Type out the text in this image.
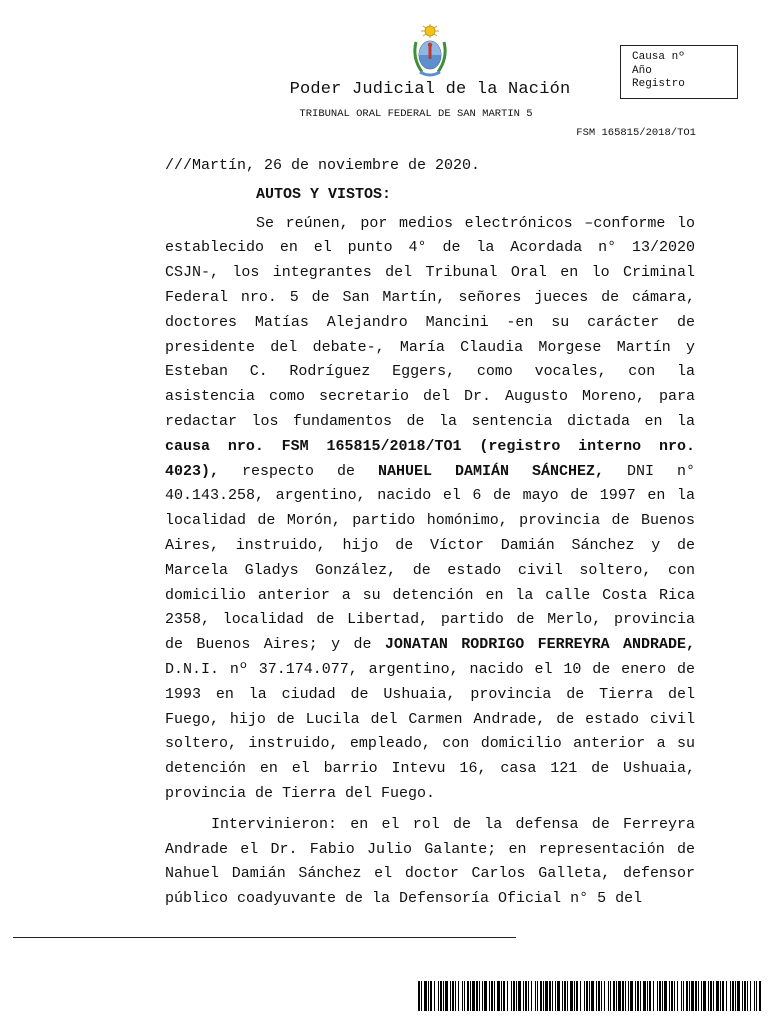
Poder Judicial de la Nación
TRIBUNAL ORAL FEDERAL DE SAN MARTIN 5
FSM 165815/2018/TO1
Causa nº
Año
Registro
///Martín, 26 de noviembre de 2020.
AUTOS Y VISTOS:

Se reúnen, por medios electrónicos –conforme lo establecido en el punto 4° de la Acordada n° 13/2020 CSJN-, los integrantes del Tribunal Oral en lo Criminal Federal nro. 5 de San Martín, señores jueces de cámara, doctores Matías Alejandro Mancini -en su carácter de presidente del debate-, María Claudia Morgese Martín y Esteban C. Rodríguez Eggers, como vocales, con la asistencia como secretario del Dr. Augusto Moreno, para redactar los fundamentos de la sentencia dictada en la causa nro. FSM 165815/2018/TO1 (registro interno nro. 4023), respecto de NAHUEL DAMIÁN SÁNCHEZ, DNI n° 40.143.258, argentino, nacido el 6 de mayo de 1997 en la localidad de Morón, partido homónimo, provincia de Buenos Aires, instruido, hijo de Víctor Damián Sánchez y de Marcela Gladys González, de estado civil soltero, con domicilio anterior a su detención en la calle Costa Rica 2358, localidad de Libertad, partido de Merlo, provincia de Buenos Aires; y de JONATAN RODRIGO FERREYRA ANDRADE, D.N.I. nº 37.174.077, argentino, nacido el 10 de enero de 1993 en la ciudad de Ushuaia, provincia de Tierra del Fuego, hijo de Lucila del Carmen Andrade, de estado civil soltero, instruido, empleado, con domicilio anterior a su detención en el barrio Intevu 16, casa 121 de Ushuaia, provincia de Tierra del Fuego.

Intervinieron: en el rol de la defensa de Ferreyra Andrade el Dr. Fabio Julio Galante; en representación de Nahuel Damián Sánchez el doctor Carlos Galleta, defensor público coadyuvante de la Defensoría Oficial n° 5 del
